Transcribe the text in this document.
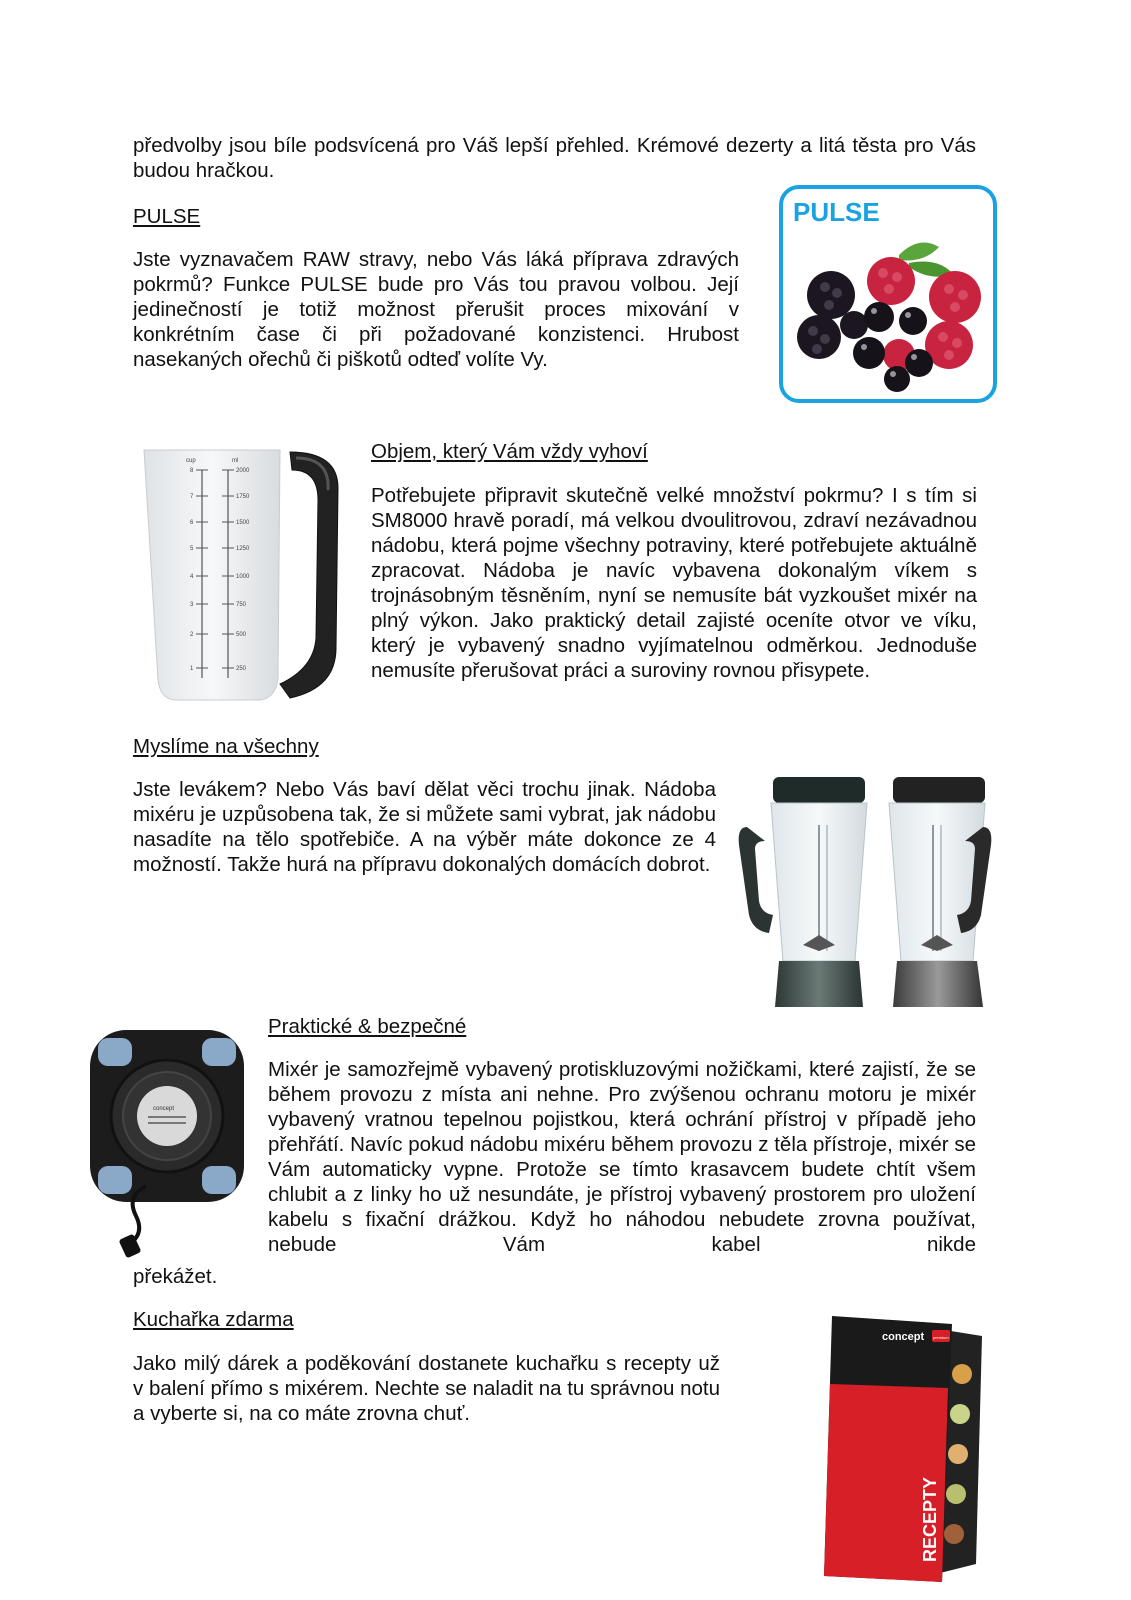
předvolby jsou bíle podsvícená pro Váš lepší přehled. Krémové dezerty a litá těsta pro Vás budou hračkou.

PULSE

Jste vyznavačem RAW stravy, nebo Vás láká příprava zdravých pokrmů? Funkce PULSE bude pro Vás tou pravou volbou. Její jedinečností je totiž možnost přerušit proces mixování v konkrétním čase či při požadované konzistenci. Hrubost nasekaných ořechů či piškotů odteď volíte Vy.

PULSE
cup
8
7
6
5
4
3
2
1
ml
2000
1750
1500
1250
1000
750
500
250
Objem, který Vám vždy vyhoví

Potřebujete připravit skutečně velké množství pokrmu? I s tím si SM8000 hravě poradí, má velkou dvoulitrovou, zdraví nezávadnou nádobu, která pojme všechny potraviny, které potřebujete aktuálně zpracovat. Nádoba je navíc vybavena dokonalým víkem s trojnásobným těsněním, nyní se nemusíte bát vyzkoušet mixér na plný výkon. Jako praktický detail zajisté oceníte otvor ve víku, který je vybavený snadno vyjímatelnou odměrkou. Jednoduše nemusíte přerušovat práci a suroviny rovnou přisypete.

Myslíme na všechny

Jste levákem? Nebo Vás baví dělat věci trochu jinak. Nádoba mixéru je uzpůsobena tak, že si můžete sami vybrat, jak nádobu nasadíte na tělo spotřebiče. A na výběr máte dokonce ze 4 možností. Takže hurá na přípravu dokonalých domácích dobrot.

concept
Praktické & bezpečné

Mixér je samozřejmě vybavený protiskluzovými nožičkami, které zajistí, že se během provozu z místa ani nehne. Pro zvýšenou ochranu motoru je mixér vybavený vratnou tepelnou pojistkou, která ochrání přístroj v případě jeho přehřátí. Navíc pokud nádobu mixéru během provozu z těla přístroje, mixér se Vám automaticky vypne. Protože se tímto krasavcem budete chtít všem chlubit a z linky ho už nesundáte, je přístroj vybavený prostorem pro uložení kabelu s fixační drážkou. Když ho náhodou nebudete zrovna používat, nebude Vám kabel nikde

překážet.

Kuchařka zdarma

Jako milý dárek a poděkování dostanete kuchařku s recepty už v balení přímo s mixérem. Nechte se naladit na tu správnou notu a vyberte si, na co máte zrovna chuť.

concept premium
RECEPTY
